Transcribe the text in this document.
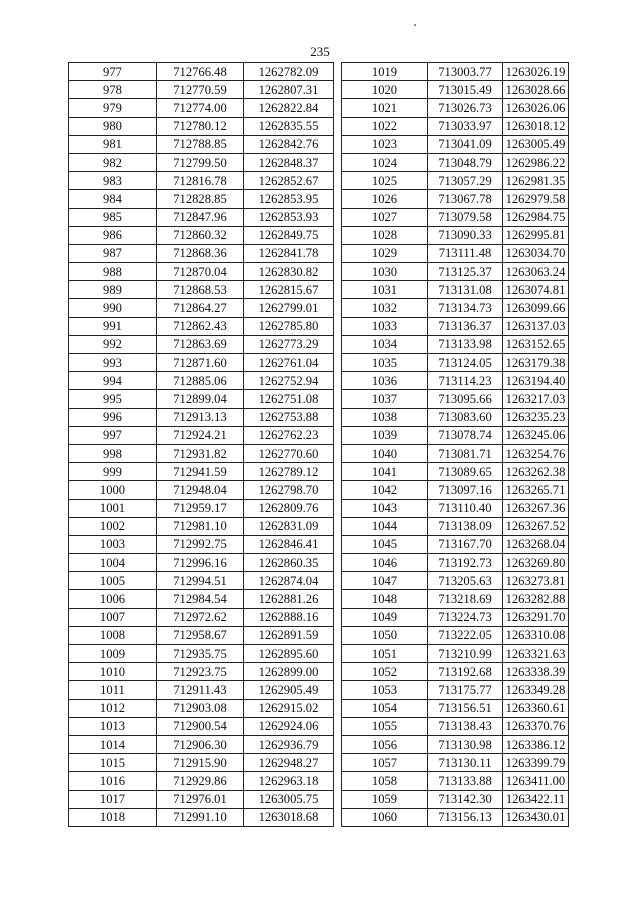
235
977	712766.48	1262782.09
978	712770.59	1262807.31
979	712774.00	1262822.84
980	712780.12	1262835.55
981	712788.85	1262842.76
982	712799.50	1262848.37
983	712816.78	1262852.67
984	712828.85	1262853.95
985	712847.96	1262853.93
986	712860.32	1262849.75
987	712868.36	1262841.78
988	712870.04	1262830.82
989	712868.53	1262815.67
990	712864.27	1262799.01
991	712862.43	1262785.80
992	712863.69	1262773.29
993	712871.60	1262761.04
994	712885.06	1262752.94
995	712899.04	1262751.08
996	712913.13	1262753.88
997	712924.21	1262762.23
998	712931.82	1262770.60
999	712941.59	1262789.12
1000	712948.04	1262798.70
1001	712959.17	1262809.76
1002	712981.10	1262831.09
1003	712992.75	1262846.41
1004	712996.16	1262860.35
1005	712994.51	1262874.04
1006	712984.54	1262881.26
1007	712972.62	1262888.16
1008	712958.67	1262891.59
1009	712935.75	1262895.60
1010	712923.75	1262899.00
1011	712911.43	1262905.49
1012	712903.08	1262915.02
1013	712900.54	1262924.06
1014	712906.30	1262936.79
1015	712915.90	1262948.27
1016	712929.86	1262963.18
1017	712976.01	1263005.75
1018	712991.10	1263018.68
1019	713003.77	1263026.19
1020	713015.49	1263028.66
1021	713026.73	1263026.06
1022	713033.97	1263018.12
1023	713041.09	1263005.49
1024	713048.79	1262986.22
1025	713057.29	1262981.35
1026	713067.78	1262979.58
1027	713079.58	1262984.75
1028	713090.33	1262995.81
1029	713111.48	1263034.70
1030	713125.37	1263063.24
1031	713131.08	1263074.81
1032	713134.73	1263099.66
1033	713136.37	1263137.03
1034	713133.98	1263152.65
1035	713124.05	1263179.38
1036	713114.23	1263194.40
1037	713095.66	1263217.03
1038	713083.60	1263235.23
1039	713078.74	1263245.06
1040	713081.71	1263254.76
1041	713089.65	1263262.38
1042	713097.16	1263265.71
1043	713110.40	1263267.36
1044	713138.09	1263267.52
1045	713167.70	1263268.04
1046	713192.73	1263269.80
1047	713205.63	1263273.81
1048	713218.69	1263282.88
1049	713224.73	1263291.70
1050	713222.05	1263310.08
1051	713210.99	1263321.63
1052	713192.68	1263338.39
1053	713175.77	1263349.28
1054	713156.51	1263360.61
1055	713138.43	1263370.76
1056	713130.98	1263386.12
1057	713130.11	1263399.79
1058	713133.88	1263411.00
1059	713142.30	1263422.11
1060	713156.13	1263430.01
